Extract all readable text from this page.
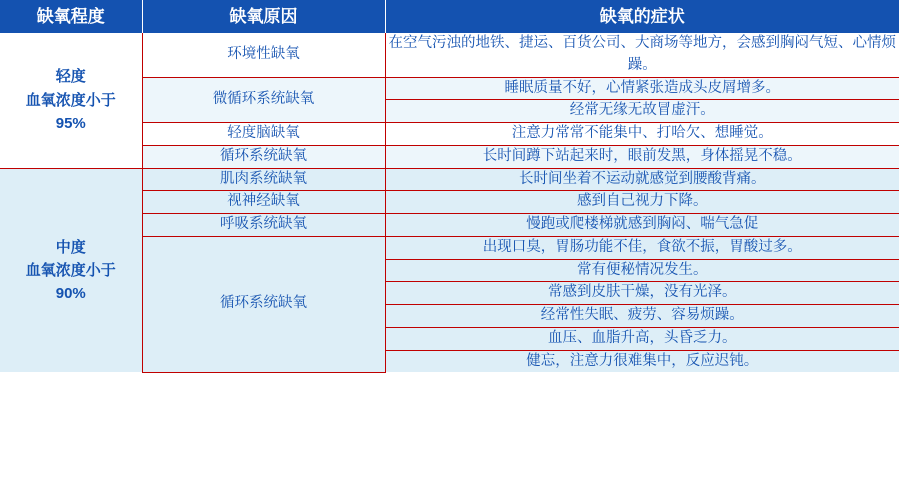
缺氧程度	缺氧原因	缺氧的症状

轻度
血氧浓度小于
95%	环境性缺氧	在空气污浊的地铁、捷运、百货公司、大商场等地方，会感到胸闷气短、心情烦躁。
	微循环系统缺氧	睡眠质量不好，心情紧张造成头皮屑增多。
		经常无缘无故冒虚汗。
	轻度脑缺氧	注意力常常不能集中、打哈欠、想睡觉。
	循环系统缺氧	长时间蹲下站起来时，眼前发黑，身体摇晃不稳。

中度
血氧浓度小于
90%	肌肉系统缺氧	长时间坐着不运动就感觉到腰酸背痛。
	视神经缺氧	感到自己视力下降。
	呼吸系统缺氧	慢跑或爬楼梯就感到胸闷、喘气急促
	循环系统缺氧	出现口臭，胃肠功能不佳，食欲不振，胃酸过多。
		常有便秘情况发生。
		常感到皮肤干燥，没有光泽。
		经常性失眠、疲劳、容易烦躁。
		血压、血脂升高，头昏乏力。
		健忘，注意力很难集中，反应迟钝。
